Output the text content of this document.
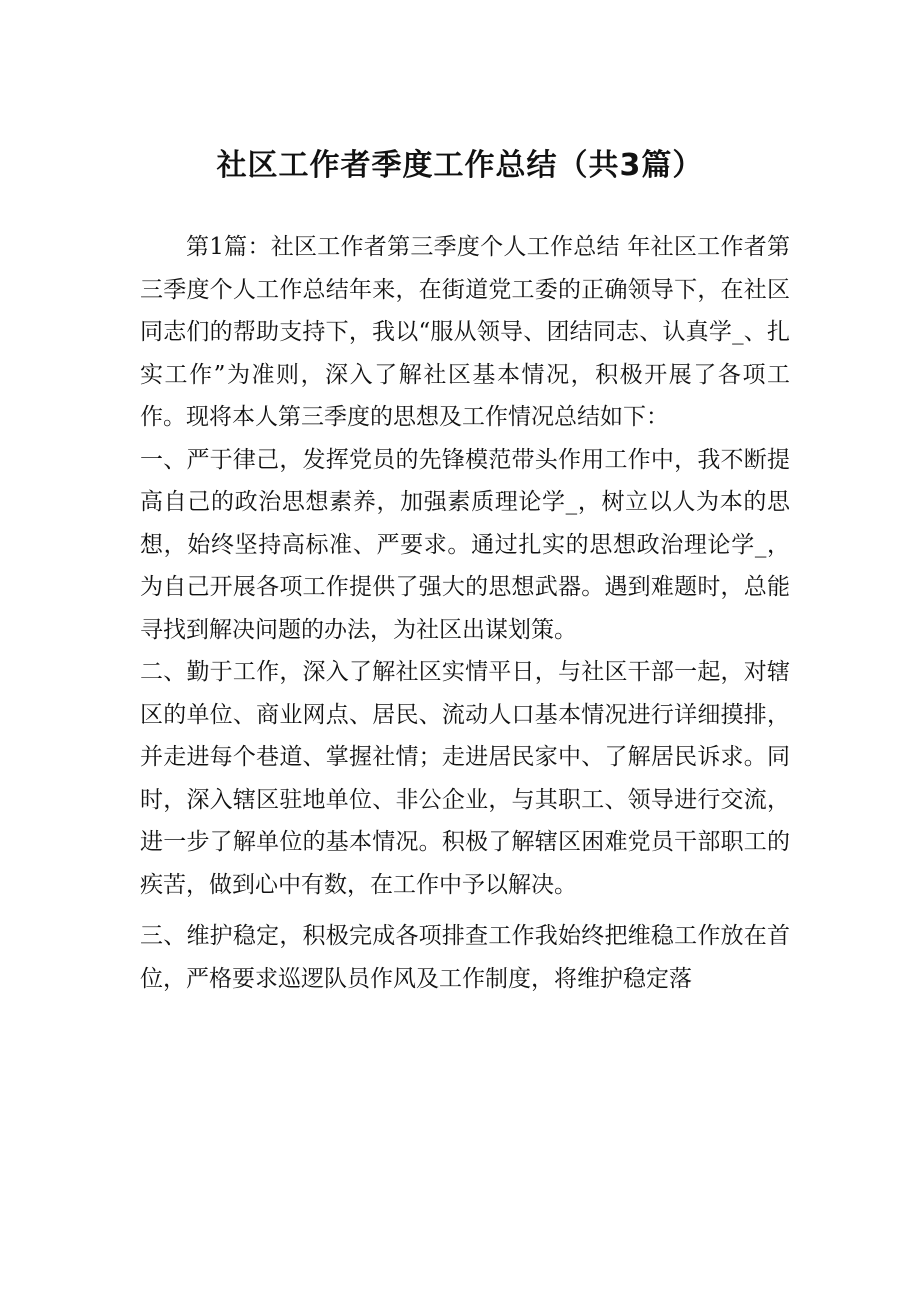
社区工作者季度工作总结（共3篇）

第1篇：社区工作者第三季度个人工作总结 年社区工作者第三季度个人工作总结年来，在街道党工委的正确领导下，在社区同志们的帮助支持下，我以“服从领导、团结同志、认真学_、扎实工作”为准则，深入了解社区基本情况，积极开展了各项工作。现将本人第三季度的思想及工作情况总结如下：

一、严于律己，发挥党员的先锋模范带头作用工作中，我不断提高自己的政治思想素养，加强素质理论学_，树立以人为本的思想，始终坚持高标准、严要求。通过扎实的思想政治理论学_，为自己开展各项工作提供了强大的思想武器。遇到难题时，总能寻找到解决问题的办法，为社区出谋划策。

二、勤于工作，深入了解社区实情平日，与社区干部一起，对辖区的单位、商业网点、居民、流动人口基本情况进行详细摸排，并走进每个巷道、掌握社情；走进居民家中、了解居民诉求。同时，深入辖区驻地单位、非公企业，与其职工、领导进行交流，进一步了解单位的基本情况。积极了解辖区困难党员干部职工的疾苦，做到心中有数，在工作中予以解决。

三、维护稳定，积极完成各项排查工作我始终把维稳工作放在首位，严格要求巡逻队员作风及工作制度，将维护稳定落
